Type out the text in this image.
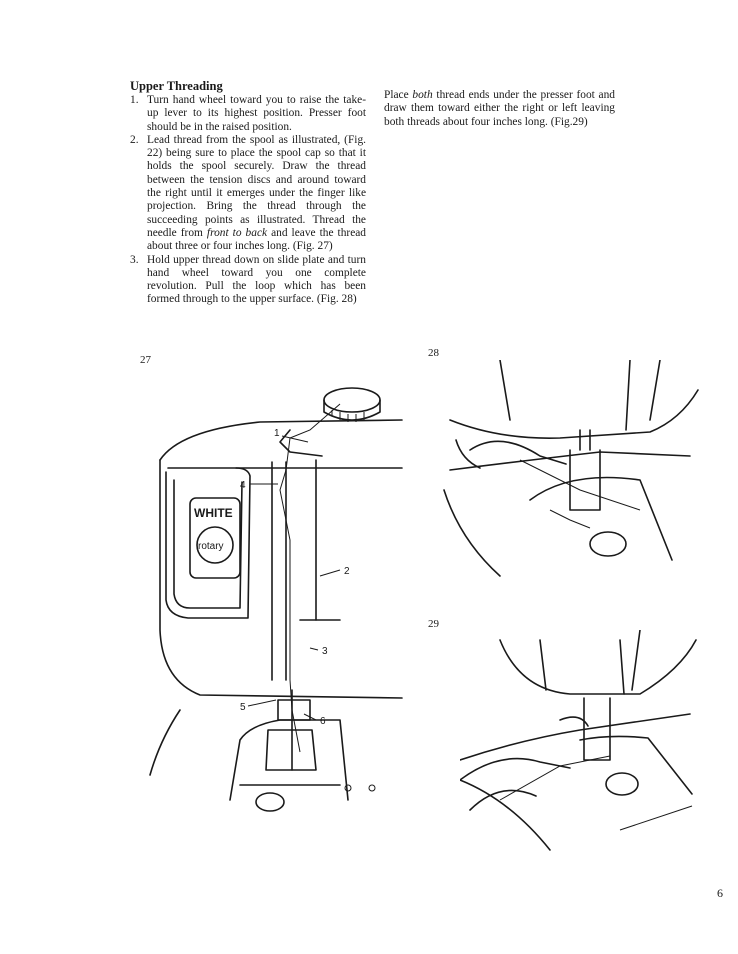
Upper Threading
1. Turn hand wheel toward you to raise the take-up lever to its highest position. Presser foot should be in the raised position.
2. Lead thread from the spool as illustrated, (Fig. 22) being sure to place the spool cap so that it holds the spool securely. Draw the thread between the tension discs and around toward the right until it emerges under the finger like projection. Bring the thread through the succeeding points as illustrated. Thread the needle from front to back and leave the thread about three or four inches long. (Fig. 27)
3. Hold upper thread down on slide plate and turn hand wheel toward you one complete revolution. Pull the loop which has been formed through to the upper surface. (Fig. 28)

Place both thread ends under the presser foot and draw them toward either the right or left leaving both threads about four inches long. (Fig.29)

27
28
29
WHITE
rotary
1
2
3
4
5
6
6
